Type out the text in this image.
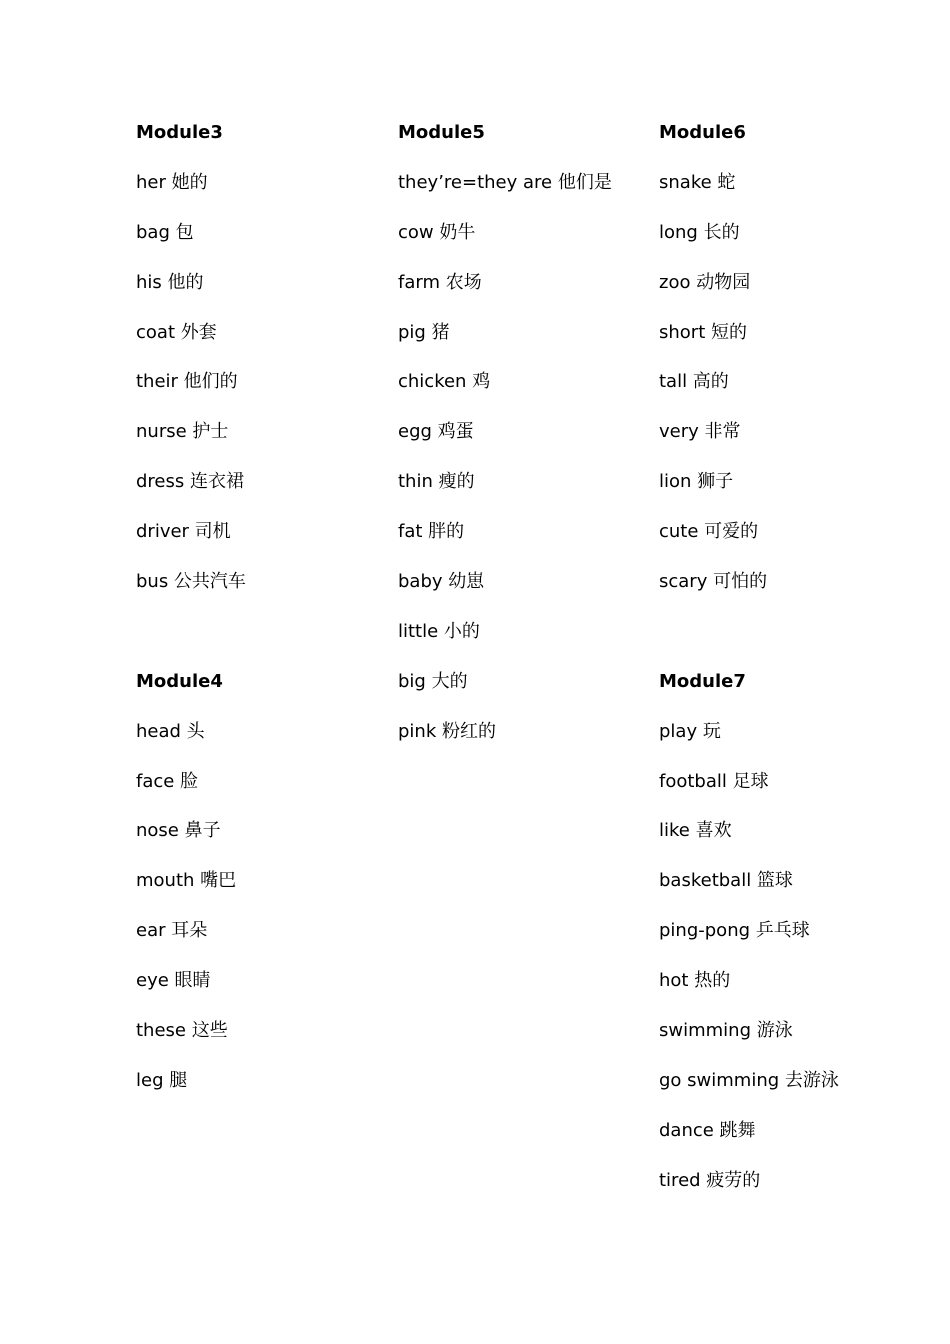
Module3
her 她的
bag 包
his 他的
coat 外套
their 他们的
nurse 护士
dress 连衣裙
driver 司机
bus 公共汽车
Module4
head 头
face 脸
nose 鼻子
mouth 嘴巴
ear 耳朵
eye 眼睛
these 这些
leg 腿
Module5
they’re=they are 他们是
cow 奶牛
farm 农场
pig 猪
chicken 鸡
egg 鸡蛋
thin 瘦的
fat 胖的
baby 幼崽
little 小的
big 大的
pink 粉红的
Module6
snake 蛇
long 长的
zoo 动物园
short 短的
tall 高的
very 非常
lion 狮子
cute 可爱的
scary 可怕的
Module7
play 玩
football 足球
like 喜欢
basketball 篮球
ping-pong 乒乓球
hot 热的
swimming 游泳
go swimming 去游泳
dance 跳舞
tired 疲劳的
